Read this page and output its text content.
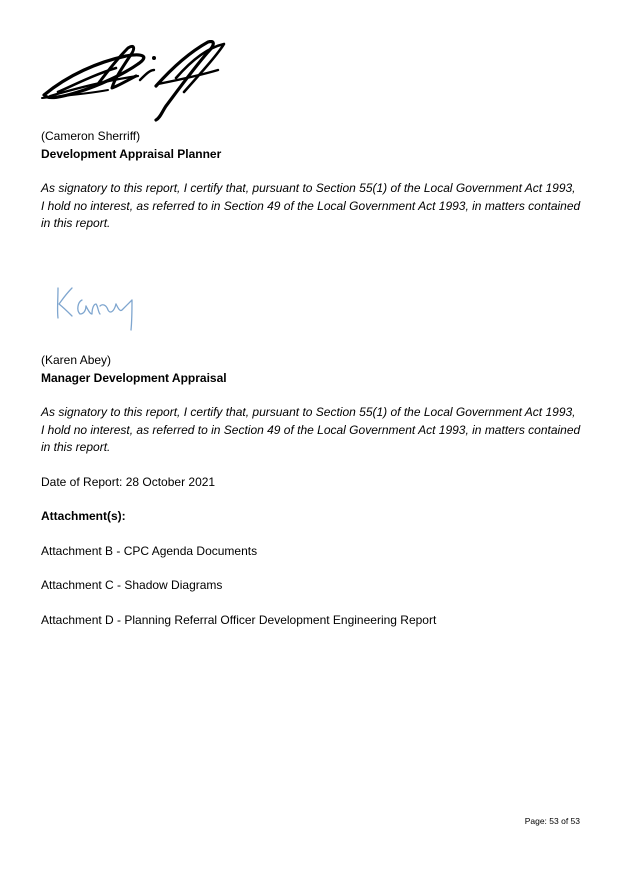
(Cameron Sherriff)
Development Appraisal Planner
As signatory to this report, I certify that, pursuant to Section 55(1) of the Local Government Act 1993, I hold no interest, as referred to in Section 49 of the Local Government Act 1993, in matters contained in this report.
(Karen Abey)
Manager Development Appraisal
As signatory to this report, I certify that, pursuant to Section 55(1) of the Local Government Act 1993, I hold no interest, as referred to in Section 49 of the Local Government Act 1993, in matters contained in this report.
Date of Report: 28 October 2021
Attachment(s):
Attachment B - CPC Agenda Documents
Attachment C - Shadow Diagrams
Attachment D - Planning Referral Officer Development Engineering Report
Page: 53 of 53
